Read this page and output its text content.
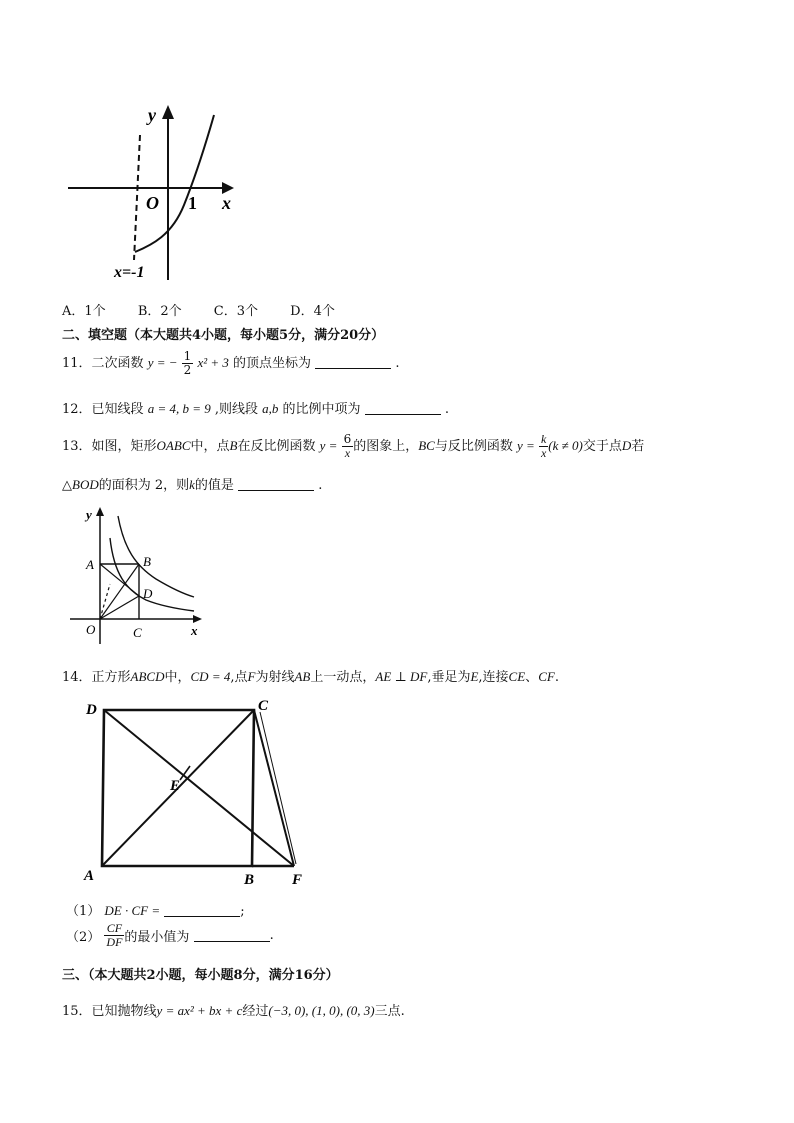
y
x
O 1
x=-1
A．1个 B．2个 C．3个 D．4个
二、填空题（本大题共4小题，每小题5分，满分20分）
11．二次函数 y = − $\frac{1}{2} x^2 + 3$ 的顶点坐标为	.
12．已知线段 a = 4, b = 9 ,则线段 a,b 的比例中项为	.
13．如图，矩形OABC中，点B在反比例函数 $y = \frac{6}{x}$ 的图象上，BC与反比例函数 $y = \frac{k}{x} (k \ne 0)$交于点D若
△BOD的面积为 2，则k的值是	.
y
x
A	B
D
O	C
14．正方形ABCD中，CD = 4,点F为射线AB上一动点，AE ⊥ DF,垂足为E,连接CE、CF.
D	C
E
A	B	F
（1） DE · CF =	;
$(2) \frac{CF}{DF}$ 的最小值为	.
三、（本大题共2小题，每小题8分，满分16分）
15．已知抛物线y = ax² + bx + c经过(−3, 0), (1, 0), (0, 3)三点.
